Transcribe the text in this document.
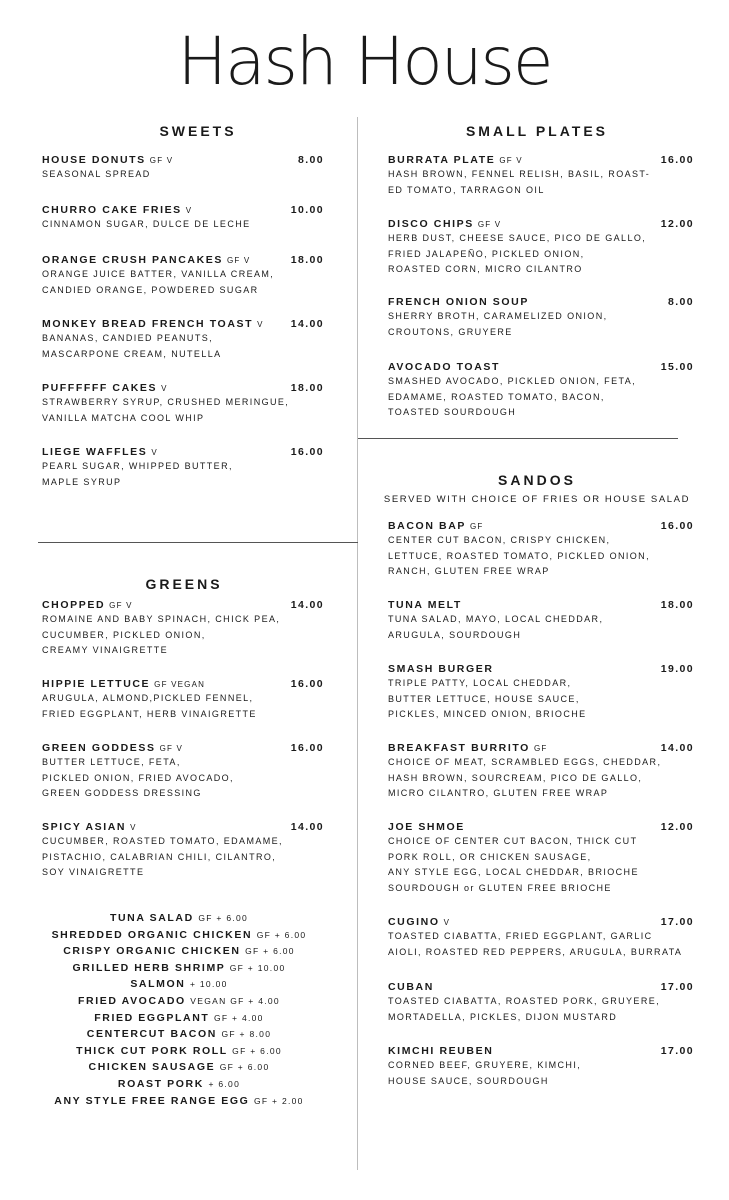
Hash House
SWEETS	SMALL PLATES
GREENS
SANDOS
SERVED WITH CHOICE OF FRIES OR HOUSE SALAD
HOUSE DONUTS GF V	8.00
SEASONAL SPREAD
CHURRO CAKE FRIES V	10.00
CINNAMON SUGAR, DULCE DE LECHE
ORANGE CRUSH PANCAKES GF V	18.00
ORANGE JUICE BATTER, VANILLA CREAM,
CANDIED ORANGE, POWDERED SUGAR
MONKEY BREAD FRENCH TOAST V	14.00
BANANAS, CANDIED PEANUTS,
MASCARPONE CREAM, NUTELLA
PUFFFFFF CAKES V	18.00
STRAWBERRY SYRUP, CRUSHED MERINGUE,
VANILLA MATCHA COOL WHIP
LIEGE WAFFLES V	16.00
PEARL SUGAR, WHIPPED BUTTER,
MAPLE SYRUP
BURRATA PLATE GF V	16.00
HASH BROWN, FENNEL RELISH, BASIL, ROAST-
ED TOMATO, TARRAGON OIL
DISCO CHIPS GF V	12.00
HERB DUST, CHEESE SAUCE, PICO DE GALLO,
FRIED JALAPEÑO, PICKLED ONION,
ROASTED CORN, MICRO CILANTRO
FRENCH ONION SOUP	8.00
SHERRY BROTH, CARAMELIZED ONION,
CROUTONS, GRUYERE
AVOCADO TOAST	15.00
SMASHED AVOCADO, PICKLED ONION, FETA,
EDAMAME, ROASTED TOMATO, BACON,
TOASTED SOURDOUGH
CHOPPED GF V	14.00
ROMAINE AND BABY SPINACH, CHICK PEA,
CUCUMBER, PICKLED ONION,
CREAMY VINAIGRETTE
HIPPIE LETTUCE GF VEGAN	16.00
ARUGULA, ALMOND,PICKLED FENNEL,
FRIED EGGPLANT, HERB VINAIGRETTE
GREEN GODDESS GF V	16.00
BUTTER LETTUCE, FETA,
PICKLED ONION, FRIED AVOCADO,
GREEN GODDESS DRESSING
SPICY ASIAN V	14.00
CUCUMBER, ROASTED TOMATO, EDAMAME,
PISTACHIO, CALABRIAN CHILI, CILANTRO,
SOY VINAIGRETTE
BACON BAP GF	16.00
CENTER CUT BACON, CRISPY CHICKEN,
LETTUCE, ROASTED TOMATO, PICKLED ONION,
RANCH, GLUTEN FREE WRAP
TUNA MELT	18.00
TUNA SALAD, MAYO, LOCAL CHEDDAR,
ARUGULA, SOURDOUGH
SMASH BURGER	19.00
TRIPLE PATTY, LOCAL CHEDDAR,
BUTTER LETTUCE, HOUSE SAUCE,
PICKLES, MINCED ONION, BRIOCHE
BREAKFAST BURRITO GF	14.00
CHOICE OF MEAT, SCRAMBLED EGGS, CHEDDAR,
HASH BROWN, SOURCREAM, PICO DE GALLO,
MICRO CILANTRO, GLUTEN FREE WRAP
JOE SHMOE	12.00
CHOICE OF CENTER CUT BACON, THICK CUT
PORK ROLL, OR CHICKEN SAUSAGE,
ANY STYLE EGG, LOCAL CHEDDAR, BRIOCHE
SOURDOUGH or GLUTEN FREE BRIOCHE
CUGINO V	17.00
TOASTED CIABATTA, FRIED EGGPLANT, GARLIC
AIOLI, ROASTED RED PEPPERS, ARUGULA, BURRATA
CUBAN	17.00
TOASTED CIABATTA, ROASTED PORK, GRUYERE,
MORTADELLA, PICKLES, DIJON MUSTARD
KIMCHI REUBEN	17.00
CORNED BEEF, GRUYERE, KIMCHI,
HOUSE SAUCE, SOURDOUGH
TUNA SALAD GF + 6.00
SHREDDED ORGANIC CHICKEN GF + 6.00
CRISPY ORGANIC CHICKEN GF + 6.00
GRILLED HERB SHRIMP GF + 10.00
SALMON + 10.00
FRIED AVOCADO VEGAN GF + 4.00
FRIED EGGPLANT GF + 4.00
CENTERCUT BACON GF + 8.00
THICK CUT PORK ROLL GF + 6.00
CHICKEN SAUSAGE GF + 6.00
ROAST PORK + 6.00
ANY STYLE FREE RANGE EGG GF + 2.00
